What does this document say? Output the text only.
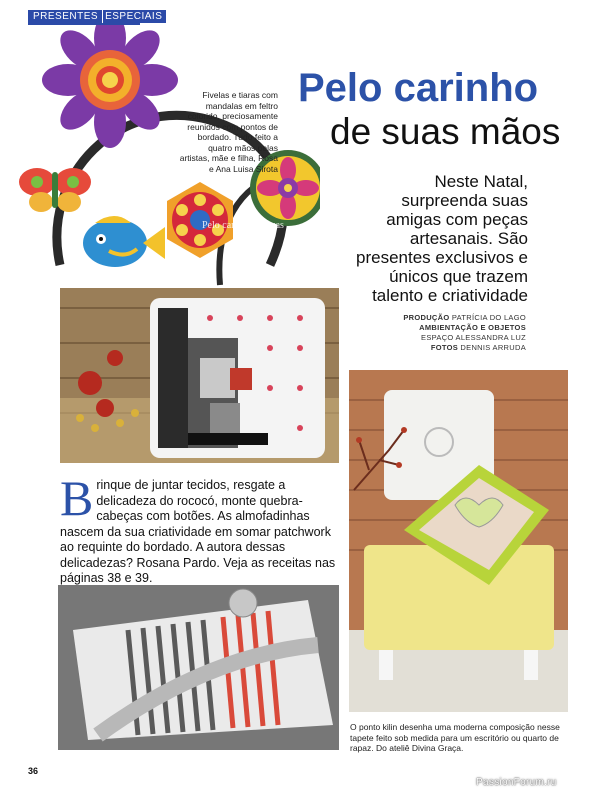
PRESENTES ESPECIAIS
Pelo carinho de suas
Fivelas e tiaras com mandalas em feltro colorido, preciosamente reunidos com pontos de bordado. Tudo feito a quatro mãos pelas artistas, mãe e filha, Rosa e Ana Luisa Sirota
Pelo carinho
de suas mãos
Neste Natal, surpreenda suas amigas com peças artesanais. São presentes exclusivos e únicos que trazem talento e criatividade
PRODUÇÃO PATRÍCIA DO LAGO
AMBIENTAÇÃO E OBJETOS
ESPAÇO ALESSANDRA LUZ
FOTOS DENNIS ARRUDA
Brinque de juntar tecidos, resgate a delicadeza do rococó, monte quebra-cabeças com botões. As almofadinhas nascem da sua criatividade em somar patchwork ao requinte do bordado. A autora dessas delicadezas? Rosana Pardo. Veja as receitas nas páginas 38 e 39.
O ponto kilin desenha uma moderna composição nesse tapete feito sob medida para um escritório ou quarto de rapaz. Do ateliê Divina Graça.
36
PassionForum.ru
